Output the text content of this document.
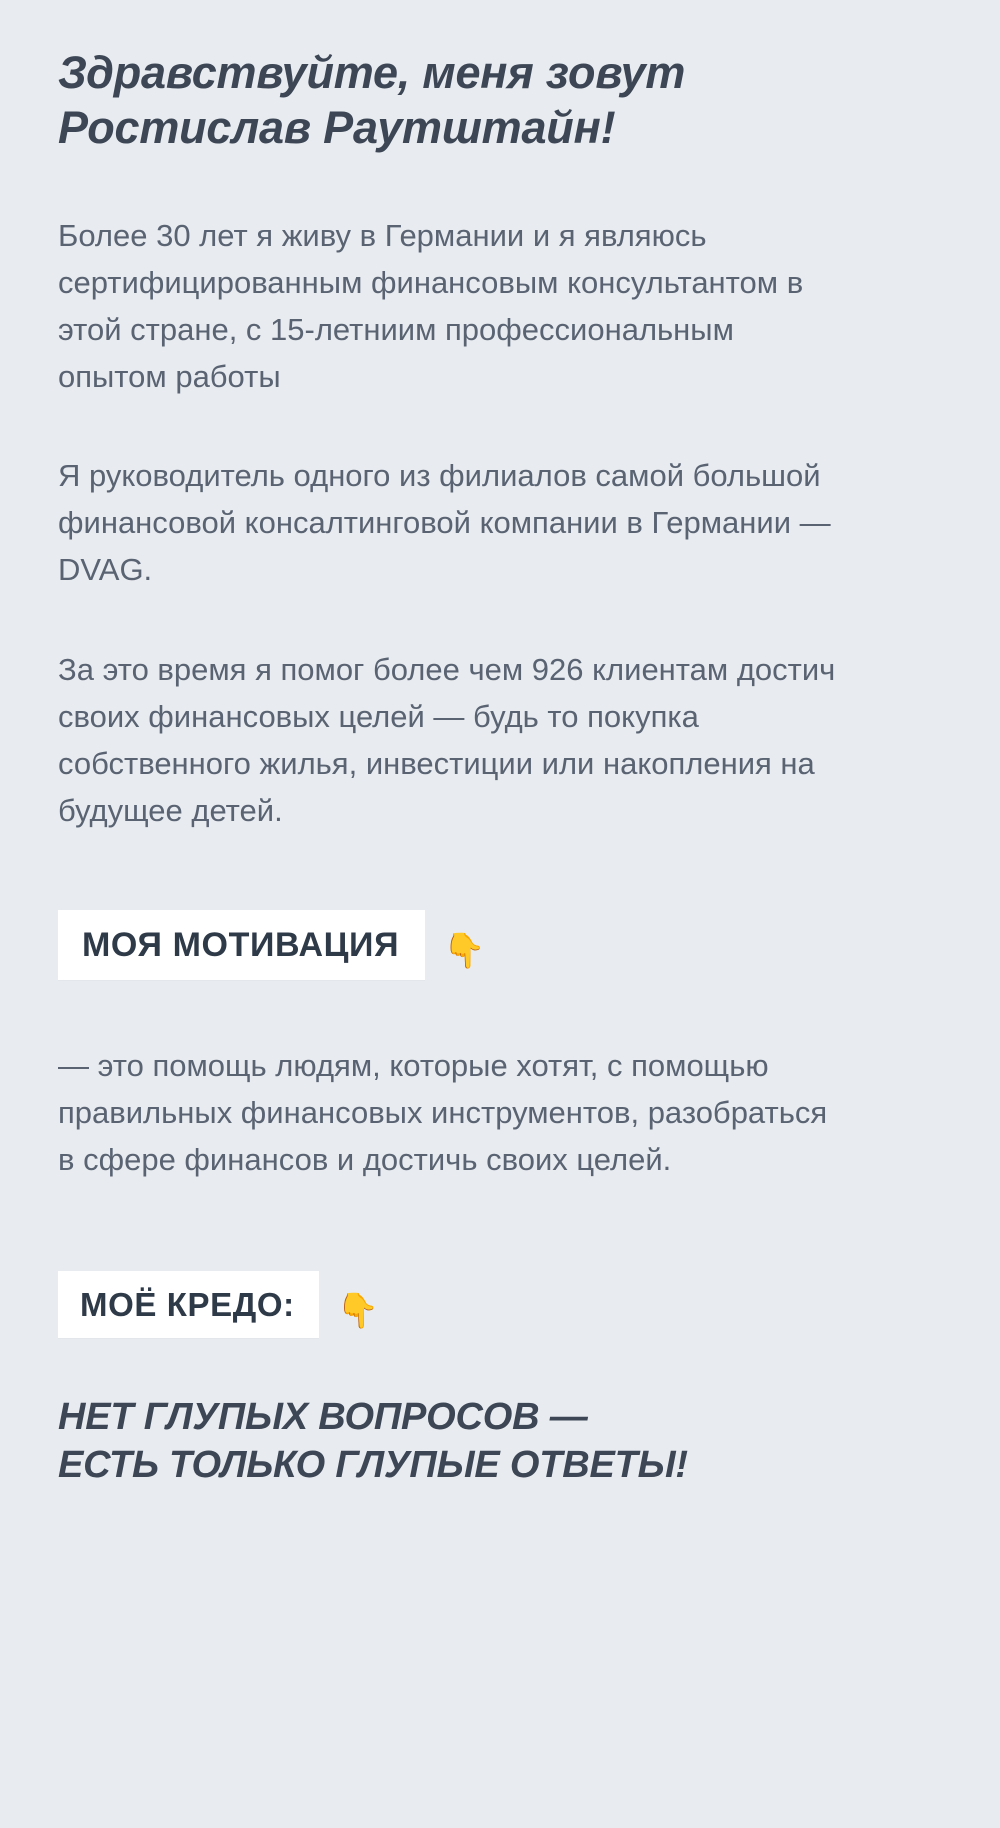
Здравствуйте, меня зовут
Ростислав Раутштайн!

Более 30 лет я живу в Германии и я являюсь сертифицированным финансовым консультантом в этой стране, с 15-летниим профессиональным опытом работы

Я руководитель одного из филиалов самой большой финансовой консалтинговой компании в Германии — DVAG.

За это время я помог более чем 926 клиентам достич своих финансовых целей — будь то покупка собственного жилья, инвестиции или накопления на будущее детей.

МОЯ МОТИВАЦИЯ	👇

— это помощь людям, которые хотят, с помощью правильных финансовых инструментов, разобраться в сфере финансов и достичь своих целей.

МОЁ КРЕДО:	👇

НЕТ ГЛУПЫХ ВОПРОСОВ —
ЕСТЬ ТОЛЬКО ГЛУПЫЕ ОТВЕТЫ!
